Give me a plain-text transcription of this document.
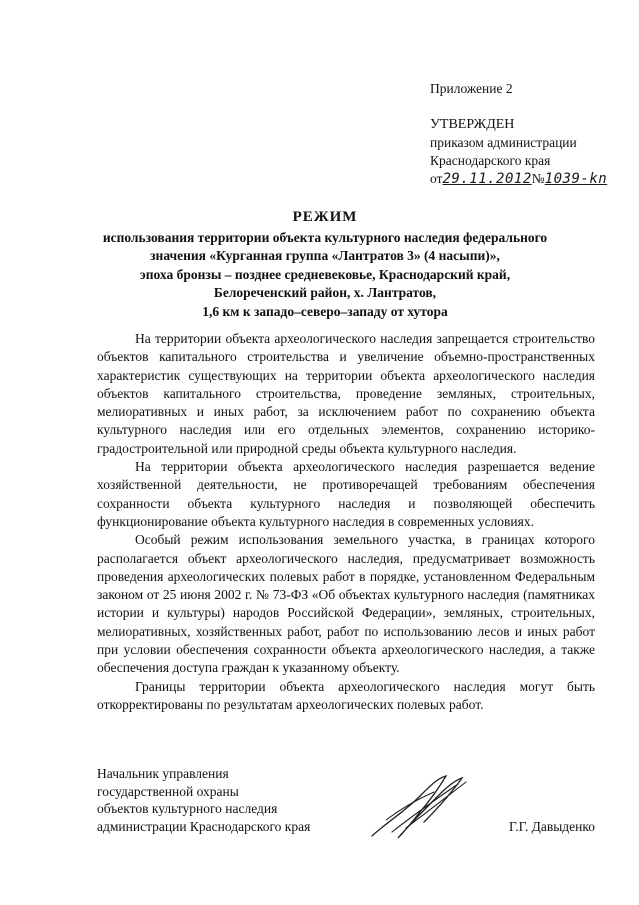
Приложение 2
УТВЕРЖДЕН
приказом администрации
Краснодарского края
от29.11.2012№1039-kn
РЕЖИМ
использования территории объекта культурного наследия федерального
значения «Курганная группа «Лантратов 3» (4 насыпи)»,
эпоха бронзы – позднее средневековье, Краснодарский край,
Белореченский район, х. Лантратов,
1,6 км к западо–северо–западу от хутора

На территории объекта археологического наследия запрещается строительство объектов капитального строительства и увеличение объемно-пространственных характеристик существующих на территории объекта археологического наследия объектов капитального строительства, проведение земляных, строительных, мелиоративных и иных работ, за исключением работ по сохранению объекта культурного наследия или его отдельных элементов, сохранению историко-градостроительной или природной среды объекта культурного наследия.

На территории объекта археологического наследия разрешается ведение хозяйственной деятельности, не противоречащей требованиям обеспечения сохранности объекта культурного наследия и позволяющей обеспечить функционирование объекта культурного наследия в современных условиях.

Особый режим использования земельного участка, в границах которого располагается объект археологического наследия, предусматривает возможность проведения археологических полевых работ в порядке, установленном Федеральным законом от 25 июня 2002 г. № 73-ФЗ «Об объектах культурного наследия (памятниках истории и культуры) народов Российской Федерации», земляных, строительных, мелиоративных, хозяйственных работ, работ по использованию лесов и иных работ при условии обеспечения сохранности объекта археологического наследия, а также обеспечения доступа граждан к указанному объекту.

Границы территории объекта археологического наследия могут быть откорректированы по результатам археологических полевых работ.

Начальник управления
государственной охраны
объектов культурного наследия
администрации Краснодарского края	Г.Г. Давыденко
